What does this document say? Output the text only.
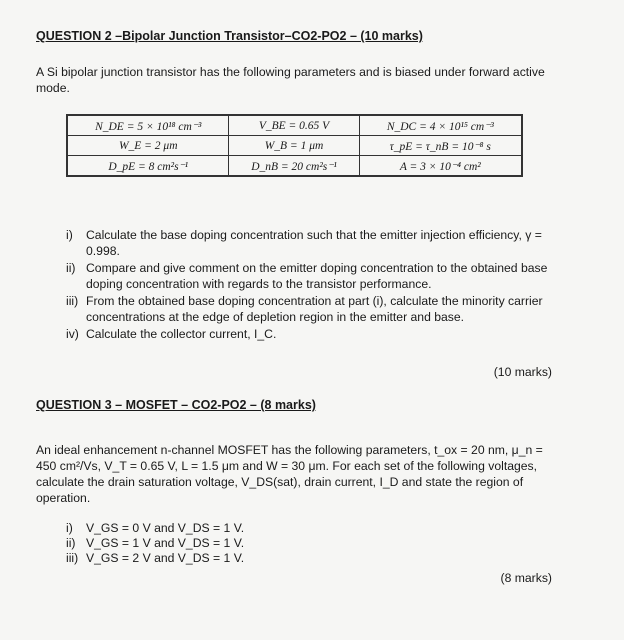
QUESTION 2 –Bipolar Junction Transistor–CO2-PO2 – (10 marks)
A Si bipolar junction transistor has the following parameters and is biased under forward active mode.
N_DE = 5 × 10¹⁸ cm⁻³	V_BE = 0.65 V	N_DC = 4 × 10¹⁵ cm⁻³
W_E = 2 μm	W_B = 1 μm	τ_pE = τ_nB = 10⁻⁸ s
D_pE = 8 cm²s⁻¹	D_nB = 20 cm²s⁻¹	A = 3 × 10⁻⁴ cm²
i) Calculate the base doping concentration such that the emitter injection efficiency, γ = 0.998.
ii) Compare and give comment on the emitter doping concentration to the obtained base doping concentration with regards to the transistor performance.
iii) From the obtained base doping concentration at part (i), calculate the minority carrier concentrations at the edge of depletion region in the emitter and base.
iv) Calculate the collector current, I_C.
(10 marks)
QUESTION 3 – MOSFET – CO2-PO2 – (8 marks)
An ideal enhancement n-channel MOSFET has the following parameters, t_ox = 20 nm, μ_n = 450 cm²/Vs, V_T = 0.65 V, L = 1.5 μm and W = 30 μm. For each set of the following voltages, calculate the drain saturation voltage, V_DS(sat), drain current, I_D and state the region of operation.
i) V_GS = 0 V and V_DS = 1 V.
ii) V_GS = 1 V and V_DS = 1 V.
iii) V_GS = 2 V and V_DS = 1 V.
(8 marks)
